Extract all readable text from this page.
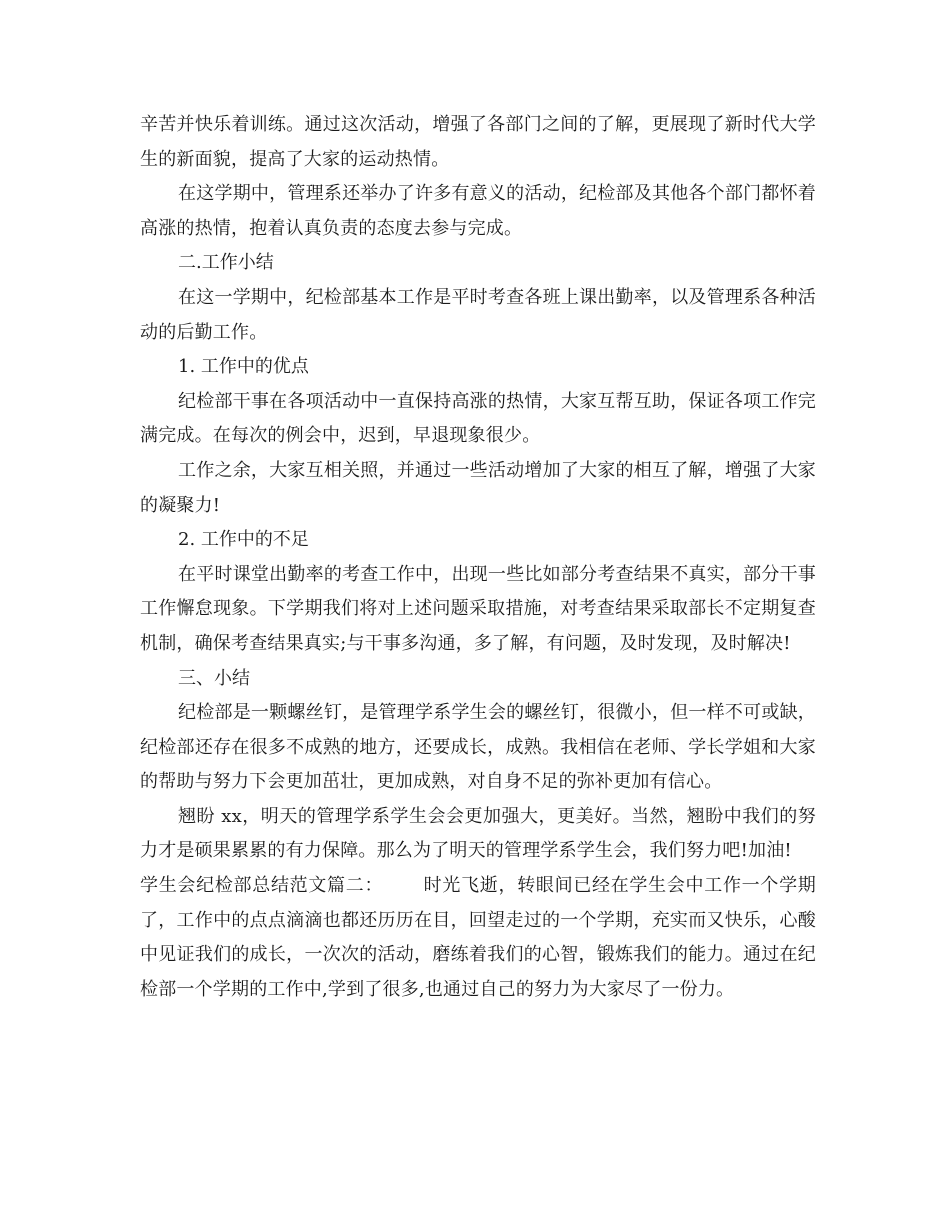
辛苦并快乐着训练。通过这次活动，增强了各部门之间的了解，更展现了新时代大学生的新面貌，提高了大家的运动热情。

在这学期中，管理系还举办了许多有意义的活动，纪检部及其他各个部门都怀着高涨的热情，抱着认真负责的态度去参与完成。

二.工作小结

在这一学期中，纪检部基本工作是平时考查各班上课出勤率，以及管理系各种活动的后勤工作。

1. 工作中的优点

纪检部干事在各项活动中一直保持高涨的热情，大家互帮互助，保证各项工作完满完成。在每次的例会中，迟到，早退现象很少。

工作之余，大家互相关照，并通过一些活动增加了大家的相互了解，增强了大家的凝聚力!

2. 工作中的不足

在平时课堂出勤率的考查工作中，出现一些比如部分考查结果不真实，部分干事工作懈怠现象。下学期我们将对上述问题采取措施，对考查结果采取部长不定期复查机制，确保考查结果真实;与干事多沟通，多了解，有问题，及时发现，及时解决!

三、小结

纪检部是一颗螺丝钉，是管理学系学生会的螺丝钉，很微小，但一样不可或缺，纪检部还存在很多不成熟的地方，还要成长，成熟。我相信在老师、学长学姐和大家的帮助与努力下会更加茁壮，更加成熟，对自身不足的弥补更加有信心。

翘盼 xx，明天的管理学系学生会会更加强大，更美好。当然，翘盼中我们的努力才是硕果累累的有力保障。那么为了明天的管理学系学生会，我们努力吧!加油!

学生会纪检部总结范文篇二： 时光飞逝，转眼间已经在学生会中工作一个学期了，工作中的点点滴滴也都还历历在目，回望走过的一个学期，充实而又快乐，心酸中见证我们的成长，一次次的活动，磨练着我们的心智，锻炼我们的能力。通过在纪检部一个学期的工作中,学到了很多,也通过自己的努力为大家尽了一份力。
